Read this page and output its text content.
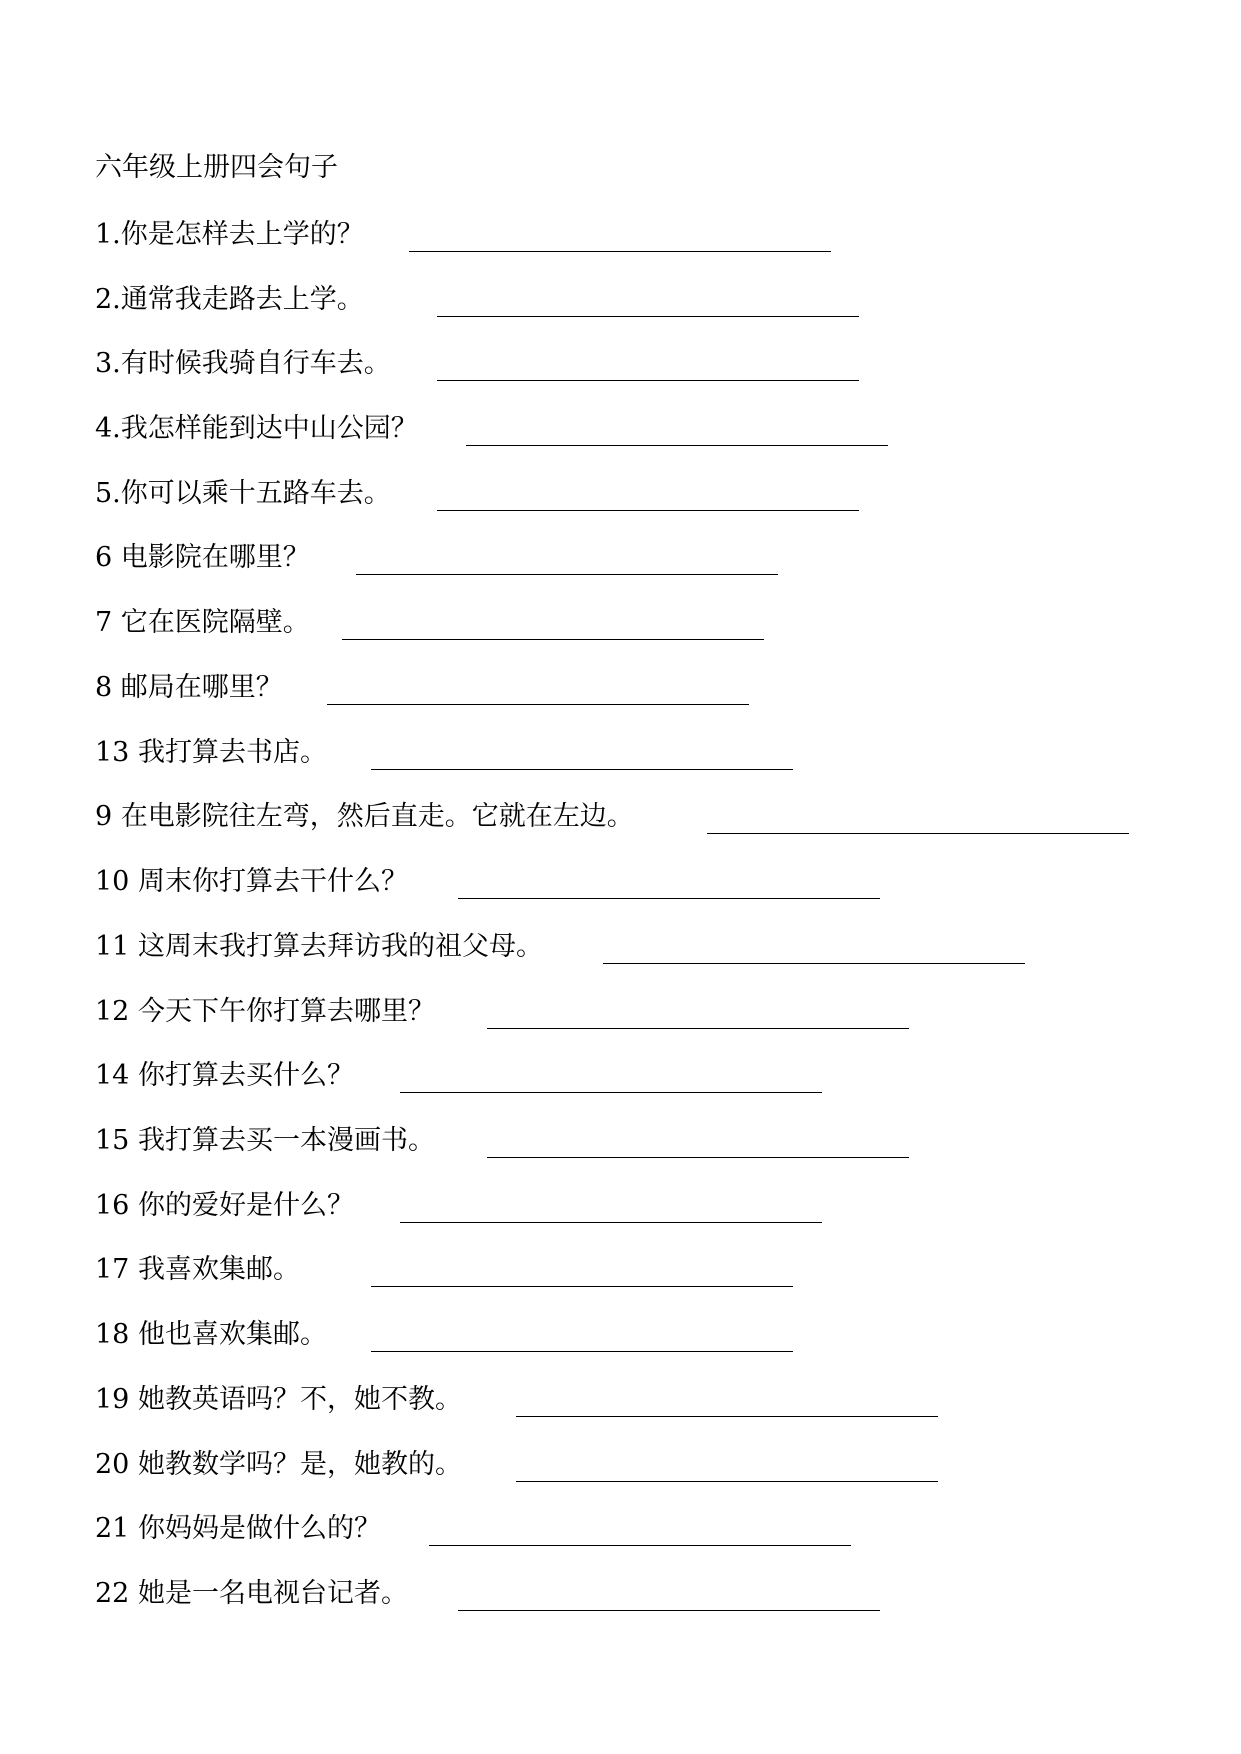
六年级上册四会句子
1.你是怎样去上学的？
2.通常我走路去上学。
3.有时候我骑自行车去。
4.我怎样能到达中山公园？
5.你可以乘十五路车去。
6 电影院在哪里？
7 它在医院隔壁。
8 邮局在哪里？
13 我打算去书店。
9 在电影院往左弯，然后直走。它就在左边。
10 周末你打算去干什么？
11 这周末我打算去拜访我的祖父母。
12 今天下午你打算去哪里？
14 你打算去买什么？
15 我打算去买一本漫画书。
16 你的爱好是什么？
17 我喜欢集邮。
18 他也喜欢集邮。
19 她教英语吗？不，她不教。
20 她教数学吗？是，她教的。
21 你妈妈是做什么的？
22 她是一名电视台记者。
